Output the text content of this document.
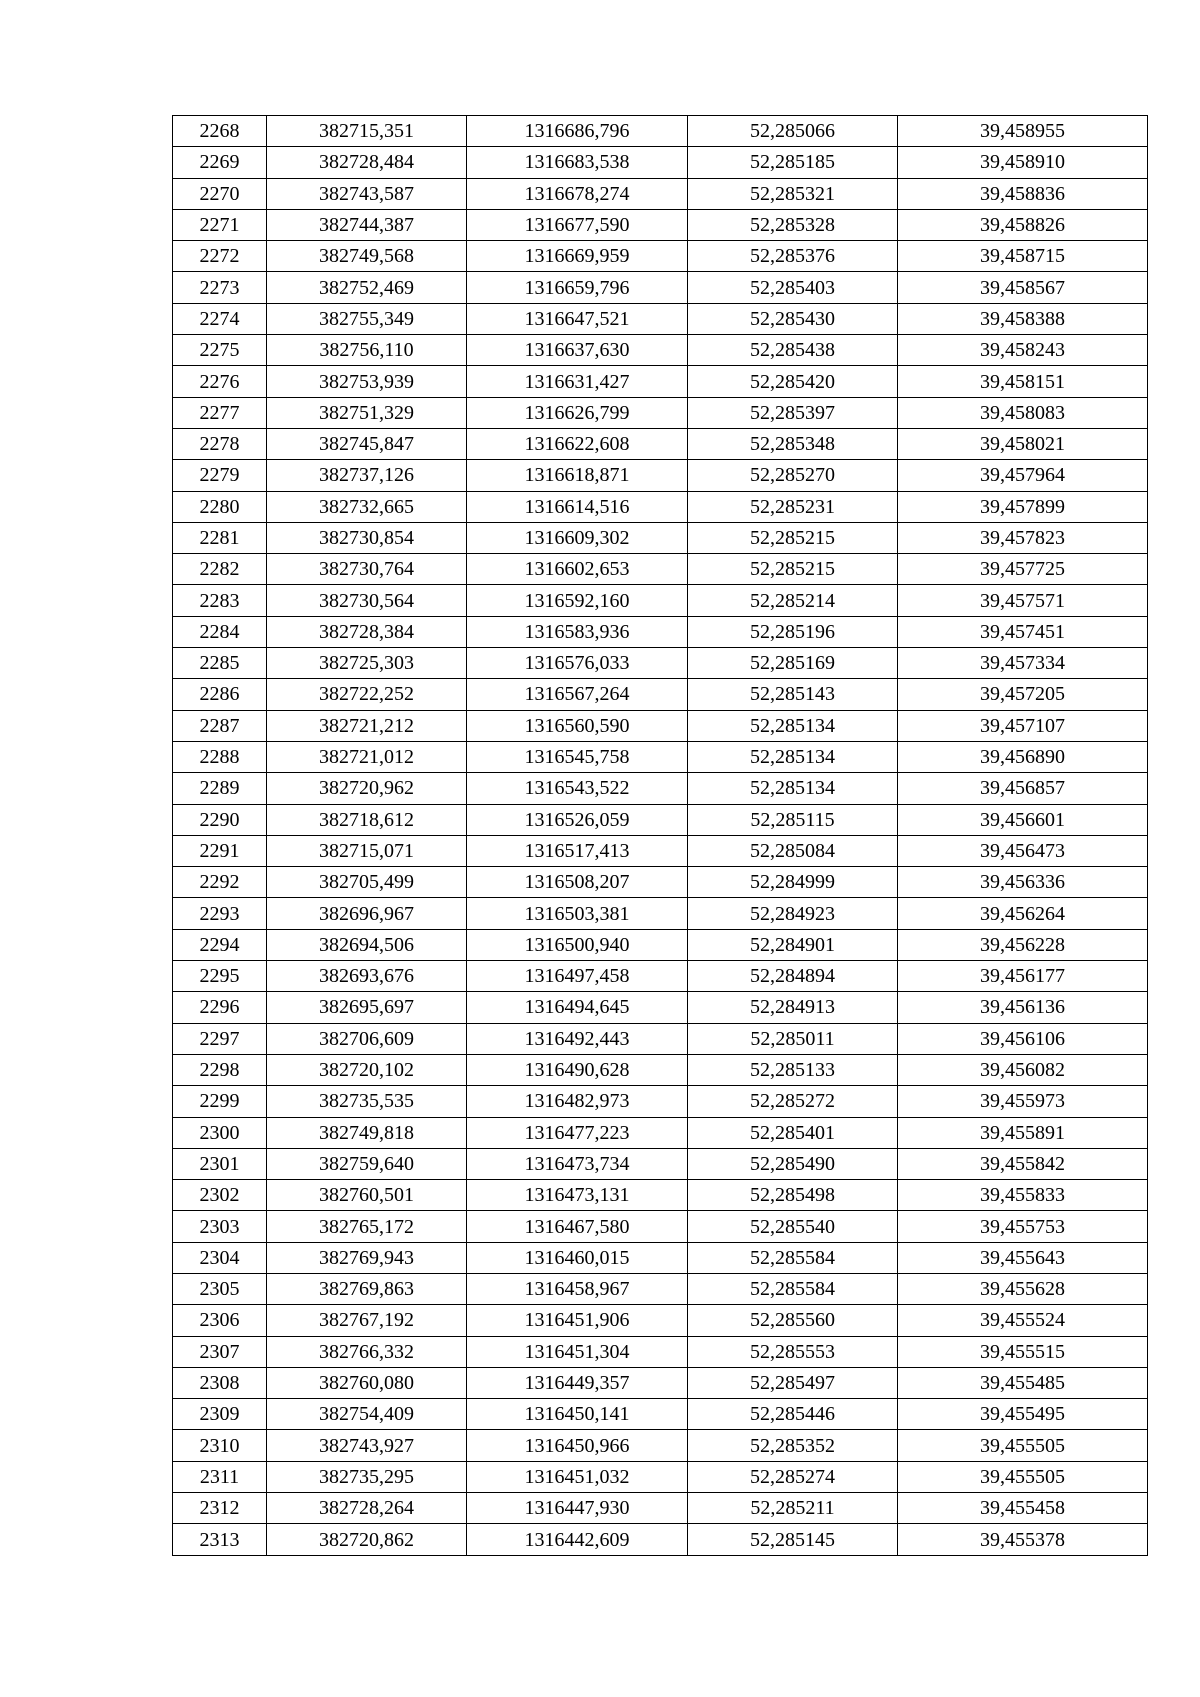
2268	382715,351	1316686,796	52,285066	39,458955
2269	382728,484	1316683,538	52,285185	39,458910
2270	382743,587	1316678,274	52,285321	39,458836
2271	382744,387	1316677,590	52,285328	39,458826
2272	382749,568	1316669,959	52,285376	39,458715
2273	382752,469	1316659,796	52,285403	39,458567
2274	382755,349	1316647,521	52,285430	39,458388
2275	382756,110	1316637,630	52,285438	39,458243
2276	382753,939	1316631,427	52,285420	39,458151
2277	382751,329	1316626,799	52,285397	39,458083
2278	382745,847	1316622,608	52,285348	39,458021
2279	382737,126	1316618,871	52,285270	39,457964
2280	382732,665	1316614,516	52,285231	39,457899
2281	382730,854	1316609,302	52,285215	39,457823
2282	382730,764	1316602,653	52,285215	39,457725
2283	382730,564	1316592,160	52,285214	39,457571
2284	382728,384	1316583,936	52,285196	39,457451
2285	382725,303	1316576,033	52,285169	39,457334
2286	382722,252	1316567,264	52,285143	39,457205
2287	382721,212	1316560,590	52,285134	39,457107
2288	382721,012	1316545,758	52,285134	39,456890
2289	382720,962	1316543,522	52,285134	39,456857
2290	382718,612	1316526,059	52,285115	39,456601
2291	382715,071	1316517,413	52,285084	39,456473
2292	382705,499	1316508,207	52,284999	39,456336
2293	382696,967	1316503,381	52,284923	39,456264
2294	382694,506	1316500,940	52,284901	39,456228
2295	382693,676	1316497,458	52,284894	39,456177
2296	382695,697	1316494,645	52,284913	39,456136
2297	382706,609	1316492,443	52,285011	39,456106
2298	382720,102	1316490,628	52,285133	39,456082
2299	382735,535	1316482,973	52,285272	39,455973
2300	382749,818	1316477,223	52,285401	39,455891
2301	382759,640	1316473,734	52,285490	39,455842
2302	382760,501	1316473,131	52,285498	39,455833
2303	382765,172	1316467,580	52,285540	39,455753
2304	382769,943	1316460,015	52,285584	39,455643
2305	382769,863	1316458,967	52,285584	39,455628
2306	382767,192	1316451,906	52,285560	39,455524
2307	382766,332	1316451,304	52,285553	39,455515
2308	382760,080	1316449,357	52,285497	39,455485
2309	382754,409	1316450,141	52,285446	39,455495
2310	382743,927	1316450,966	52,285352	39,455505
2311	382735,295	1316451,032	52,285274	39,455505
2312	382728,264	1316447,930	52,285211	39,455458
2313	382720,862	1316442,609	52,285145	39,455378
